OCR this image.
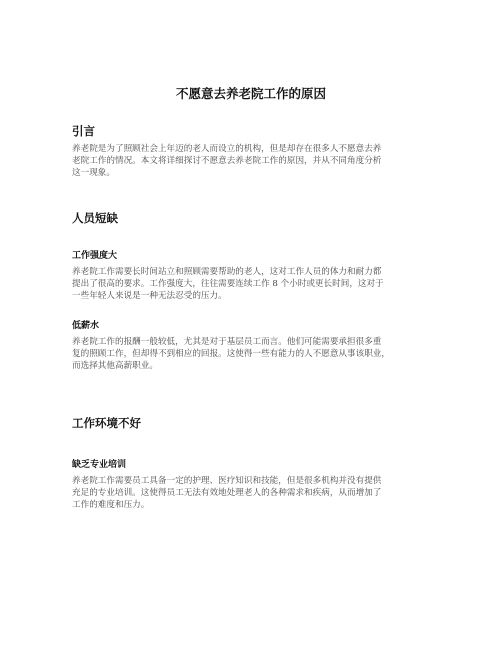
不愿意去养老院工作的原因
引言

养老院是为了照顾社会上年迈的老人而设立的机构，但是却存在很多人不愿意去养
老院工作的情况。本文将详细探讨不愿意去养老院工作的原因，并从不同角度分析
这一现象。

人员短缺
工作强度大

养老院工作需要长时间站立和照顾需要帮助的老人，这对工作人员的体力和耐力都
提出了很高的要求。工作强度大，往往需要连续工作 8 个小时或更长时间，这对于
一些年轻人来说是一种无法忍受的压力。

低薪水

养老院工作的报酬一般较低，尤其是对于基层员工而言。他们可能需要承担很多重
复的照顾工作，但却得不到相应的回报。这使得一些有能力的人不愿意从事该职业，
而选择其他高薪职业。

工作环境不好
缺乏专业培训

养老院工作需要员工具备一定的护理、医疗知识和技能，但是很多机构并没有提供
充足的专业培训。这使得员工无法有效地处理老人的各种需求和疾病，从而增加了
工作的难度和压力。
